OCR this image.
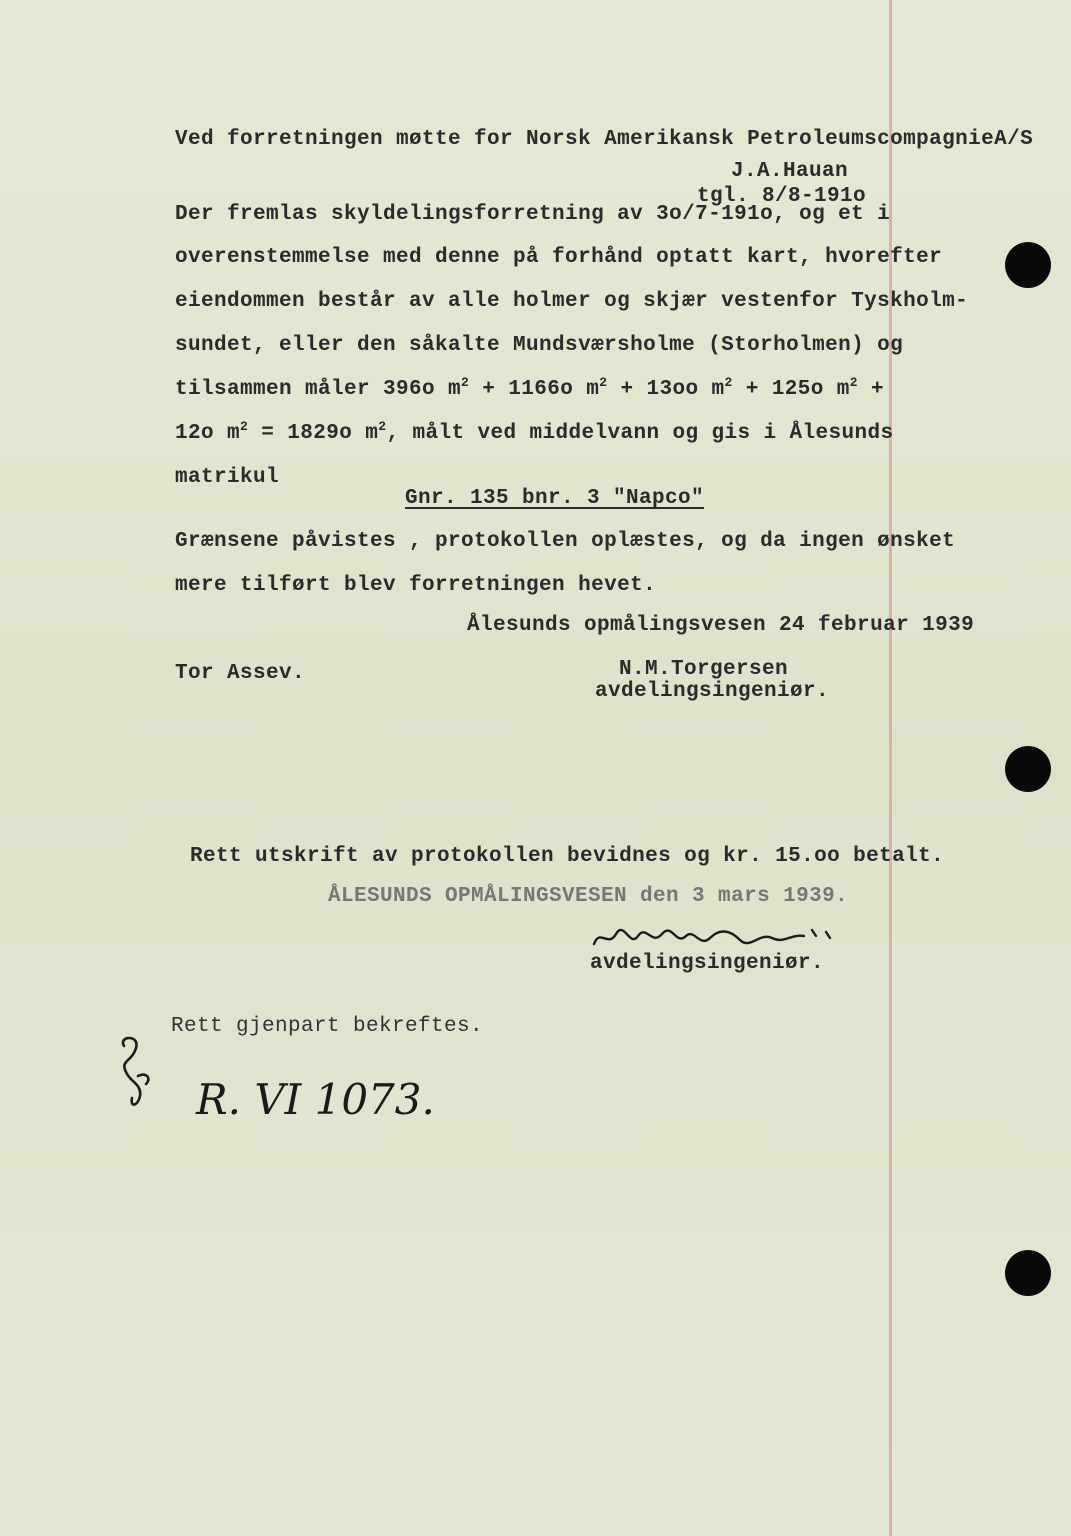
Ved forretningen møtte for Norsk Amerikansk PetroleumscompagnieA/S
J.A.Hauan
tgl. 8/8-191o
Der fremlas skyldelingsforretning av 3o/7-191o, og et i
overenstemmelse med denne på forhånd optatt kart, hvorefter
eiendommen består av alle holmer og skjær vestenfor Tyskholm-
sundet, eller den såkalte Mundsværsholme (Storholmen) og
tilsammen måler 396o $m^2 + 1166o$ $m^2 + 13oo$ $m^2 + 125o$ $m^2$ +
12o $m^2 = 1829o$ $m^2$, målt ved middelvann og gis i Ålesunds
matrikul
Gnr. 135 bnr. 3 "Napco"
Grænsene påvistes , protokollen oplæstes, og da ingen ønsket
mere tilført blev forretningen hevet.
Ålesunds opmålingsvesen 24 februar 1939
Tor Assev.	N.M.Torgersen
avdelingsingeniør.
Rett utskrift av protokollen bevidnes og kr. 15.oo betalt.
ÅLESUNDS OPMÅLINGSVESEN den 3 mars 1939.
avdelingsingeniør.
Rett gjenpart bekreftes.
R. VI 1073.
